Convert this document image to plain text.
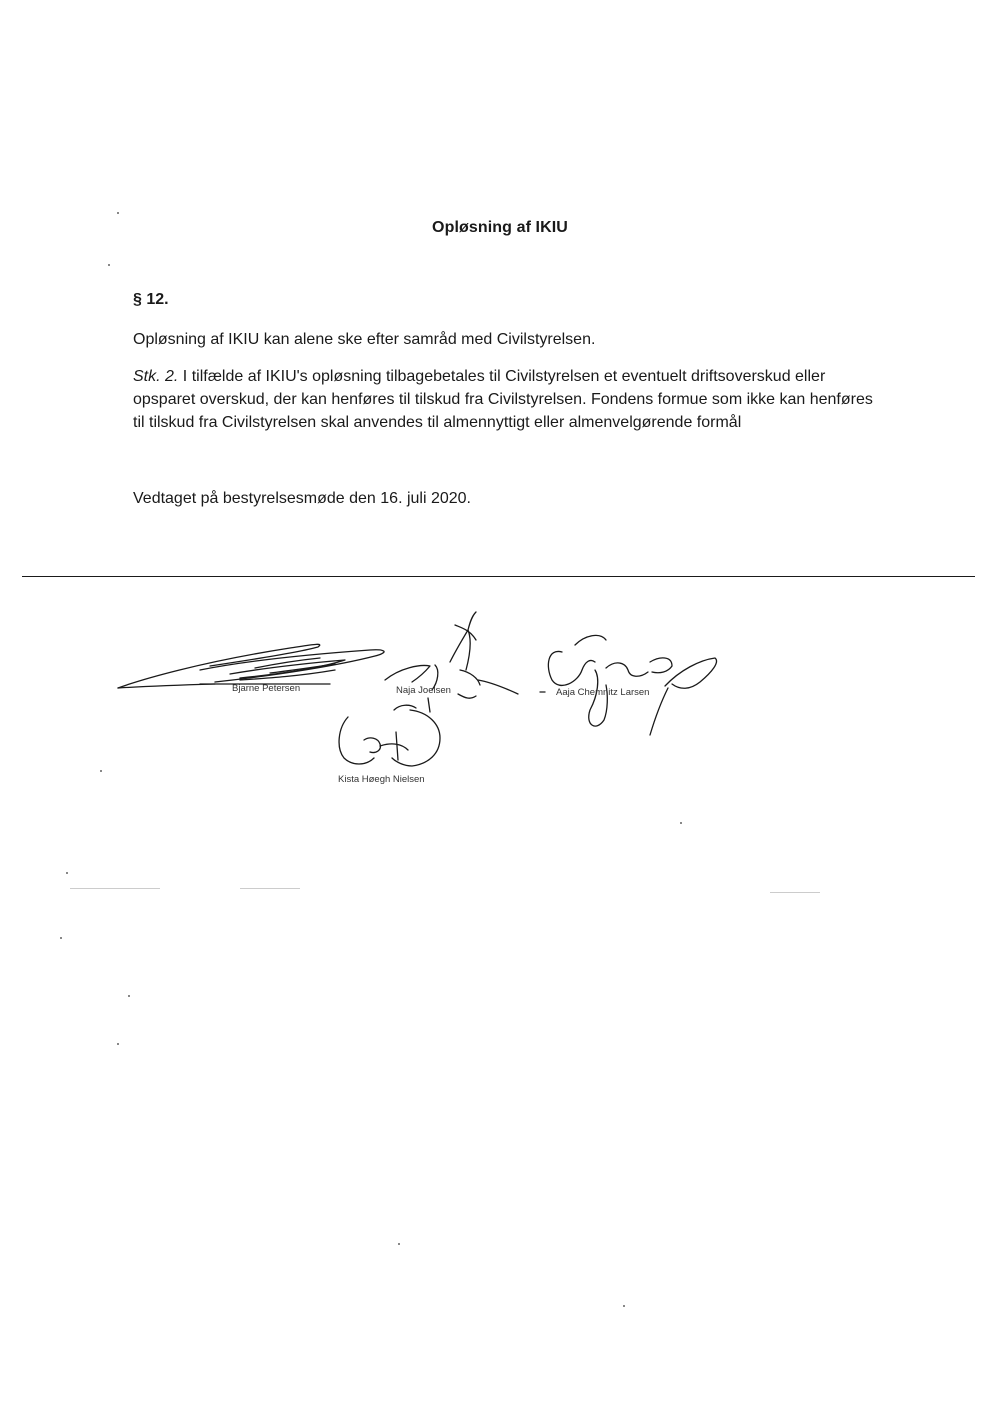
Opløsning af IKIU
§ 12.
Opløsning af IKIU kan alene ske efter samråd med Civilstyrelsen.
Stk. 2. I tilfælde af IKIU's opløsning tilbagebetales til Civilstyrelsen et eventuelt driftsoverskud eller opsparet overskud, der kan henføres til tilskud fra Civilstyrelsen. Fondens formue som ikke kan henføres til tilskud fra Civilstyrelsen skal anvendes til almennyttigt eller almenvelgørende formål
Vedtaget på bestyrelsesmøde den 16. juli 2020.
Bjarne Petersen	Naja Joelsen	Aaja Chemnitz Larsen
Kista Høegh Nielsen
